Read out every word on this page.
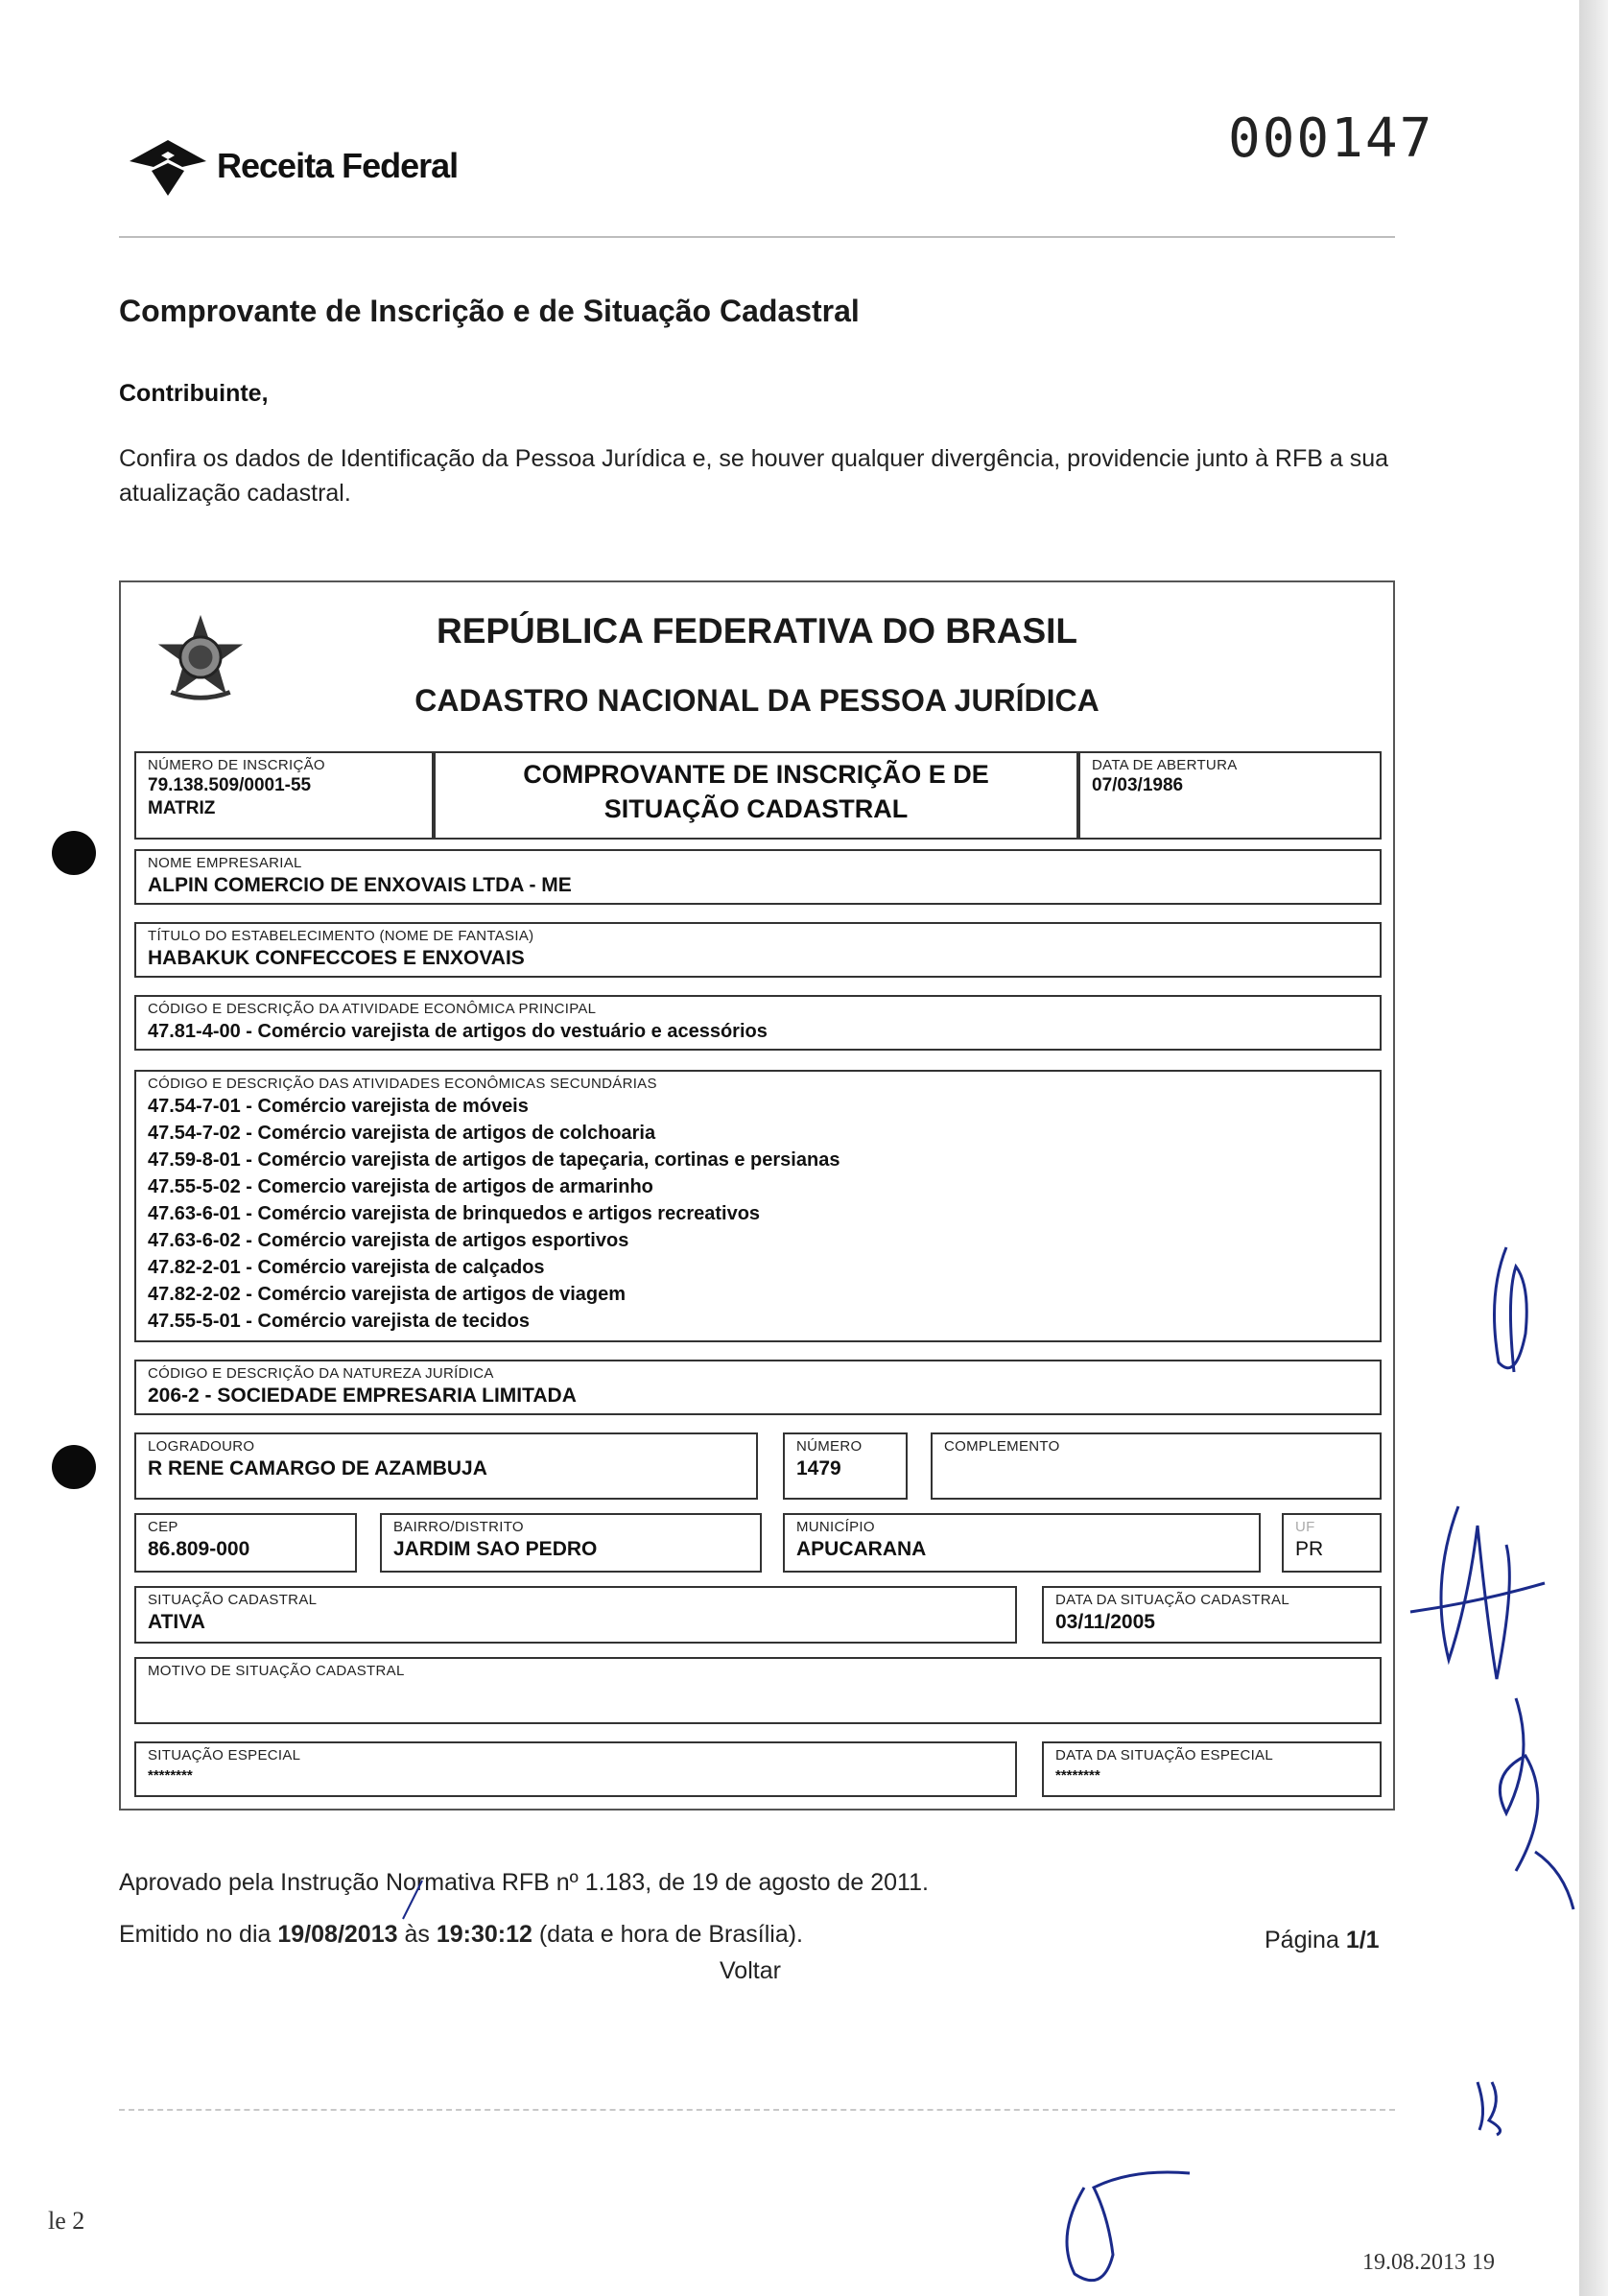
Receita Federal	000147
Comprovante de Inscrição e de Situação Cadastral
Contribuinte,
Confira os dados de Identificação da Pessoa Jurídica e, se houver qualquer divergência, providencie junto à RFB a sua atualização cadastral.
REPÚBLICA FEDERATIVA DO BRASIL
CADASTRO NACIONAL DA PESSOA JURÍDICA
NÚMERO DE INSCRIÇÃO
79.138.509/0001-55
MATRIZ
COMPROVANTE DE INSCRIÇÃO E DE SITUAÇÃO CADASTRAL
DATA DE ABERTURA
07/03/1986
NOME EMPRESARIAL
ALPIN COMERCIO DE ENXOVAIS LTDA - ME
TÍTULO DO ESTABELECIMENTO (NOME DE FANTASIA)
HABAKUK CONFECCOES E ENXOVAIS
CÓDIGO E DESCRIÇÃO DA ATIVIDADE ECONÔMICA PRINCIPAL
47.81-4-00 - Comércio varejista de artigos do vestuário e acessórios
CÓDIGO E DESCRIÇÃO DAS ATIVIDADES ECONÔMICAS SECUNDÁRIAS
47.54-7-01 - Comércio varejista de móveis
47.54-7-02 - Comércio varejista de artigos de colchoaria
47.59-8-01 - Comércio varejista de artigos de tapeçaria, cortinas e persianas
47.55-5-02 - Comercio varejista de artigos de armarinho
47.63-6-01 - Comércio varejista de brinquedos e artigos recreativos
47.63-6-02 - Comércio varejista de artigos esportivos
47.82-2-01 - Comércio varejista de calçados
47.82-2-02 - Comércio varejista de artigos de viagem
47.55-5-01 - Comércio varejista de tecidos
CÓDIGO E DESCRIÇÃO DA NATUREZA JURÍDICA
206-2 - SOCIEDADE EMPRESARIA LIMITADA
LOGRADOURO
R RENE CAMARGO DE AZAMBUJA
NÚMERO
1479
COMPLEMENTO
CEP
86.809-000
BAIRRO/DISTRITO
JARDIM SAO PEDRO
MUNICÍPIO
APUCARANA
UF
PR
SITUAÇÃO CADASTRAL
ATIVA
DATA DA SITUAÇÃO CADASTRAL
03/11/2005
MOTIVO DE SITUAÇÃO CADASTRAL
SITUAÇÃO ESPECIAL
********
DATA DA SITUAÇÃO ESPECIAL
********
Aprovado pela Instrução Normativa RFB nº 1.183, de 19 de agosto de 2011.
Emitido no dia 19/08/2013 às 19:30:12 (data e hora de Brasília).	Página 1/1
Voltar
le 2
19.08.2013 19
